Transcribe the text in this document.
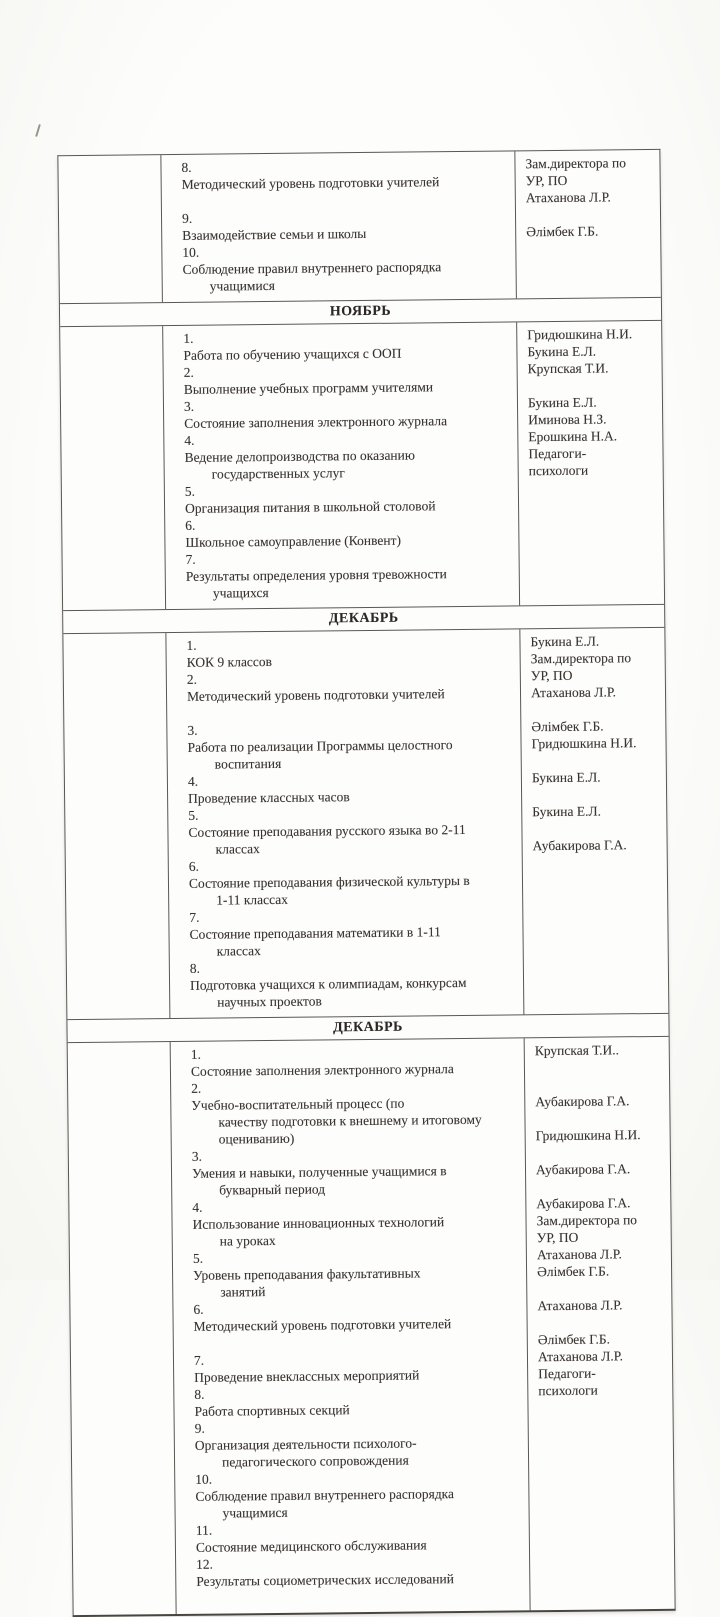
8.
Методический уровень подготовки учителей

9.
Взаимодействие семьи и школы
10.
Соблюдение правил внутреннего распорядка
учащимися
Зам.директора по
УР, ПО
Атаханова Л.Р.

Әлімбек Г.Б.
НОЯБРЬ
1.
Работа по обучению учащихся с ООП
2.
Выполнение учебных программ учителями
3.
Состояние заполнения электронного журнала
4.
Ведение делопроизводства по оказанию
государственных услуг
5.
Организация питания в школьной столовой
6.
Школьное самоуправление (Конвент)
7.
Результаты определения уровня тревожности
учащихся
Гридюшкина Н.И.
Букина Е.Л.
Крупская Т.И.

Букина Е.Л.
Иминова Н.З.
Ерошкина Н.А.
Педагоги-
психологи
ДЕКАБРЬ
1.
КОК 9 классов
2.
Методический уровень подготовки учителей

3.
Работа по реализации Программы целостного
воспитания
4.
Проведение классных часов
5.
Состояние преподавания русского языка во 2-11
классах
6.
Состояние преподавания физической культуры в
1-11 классах
7.
Состояние преподавания математики в 1-11
классах
8.
Подготовка учащихся к олимпиадам, конкурсам
научных проектов
Букина Е.Л.
Зам.директора по
УР, ПО
Атаханова Л.Р.

Әлімбек Г.Б.
Гридюшкина Н.И.

Букина Е.Л.

Букина Е.Л.

Аубакирова Г.А.

ДЕКАБРЬ
1.
Состояние заполнения электронного журнала
2.
Учебно-воспитательный процесс (по
качеству подготовки к внешнему и итоговому
оцениванию)
3.
Умения и навыки, полученные учащимися в
букварный период
4.
Использование инновационных технологий
на уроках
5.
Уровень преподавания факультативных
занятий
6.
Методический уровень подготовки учителей

7.
Проведение внеклассных мероприятий
8.
Работа спортивных секций
9.
Организация деятельности психолого-
педагогического сопровождения
10.
Соблюдение правил внутреннего распорядка
учащимися
11.
Состояние медицинского обслуживания
12.
Результаты социометрических исследований

Крупская Т.И..

Аубакирова Г.А.

Гридюшкина Н.И.

Аубакирова Г.А.

Аубакирова Г.А.
Зам.директора по
УР, ПО
Атаханова Л.Р.
Әлімбек Г.Б.

Атаханова Л.Р.

Әлімбек Г.Б.
Атаханова Л.Р.
Педагоги-
психологи
